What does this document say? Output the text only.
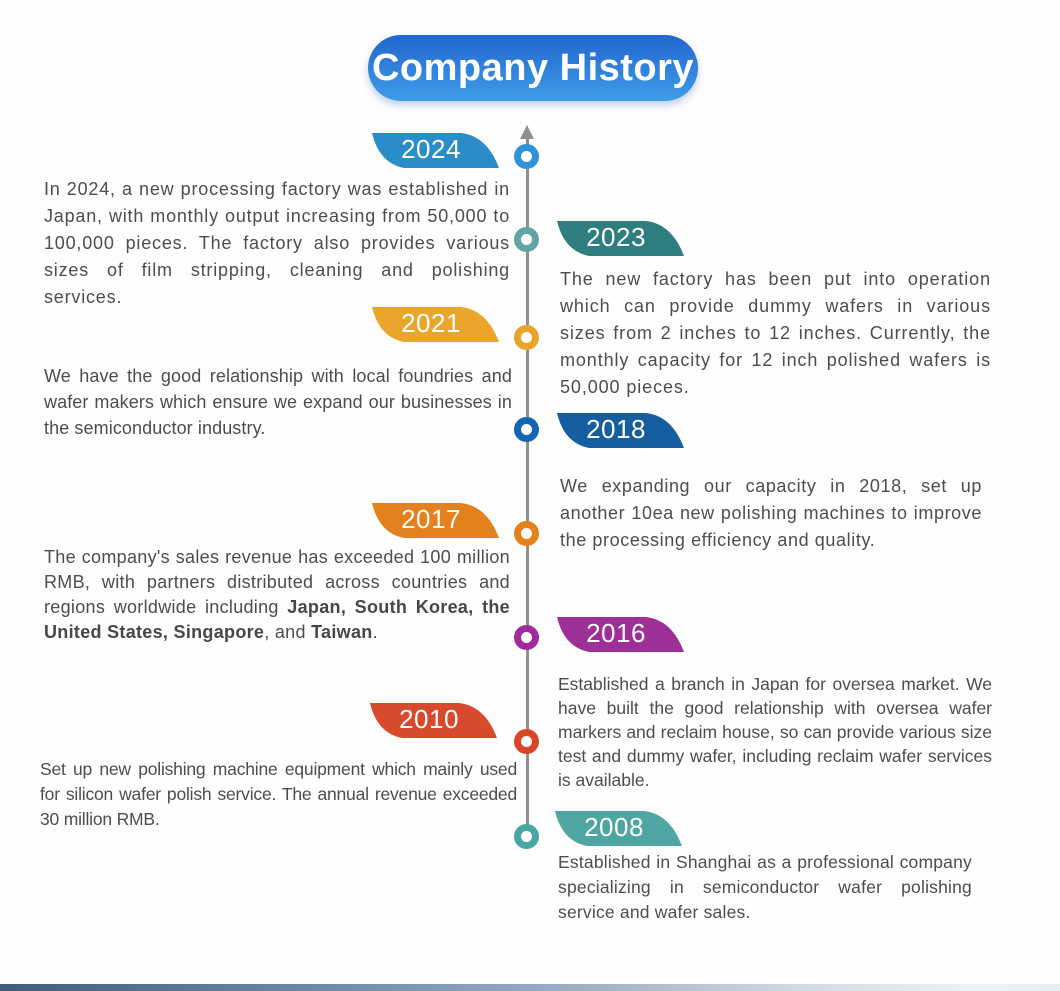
Company History
2024

In 2024, a new processing factory was established in Japan, with monthly output increasing from 50,000 to 100,000 pieces. The factory also provides various sizes of film stripping, cleaning and polishing services.

2023

The new factory has been put into operation which can provide dummy wafers in various sizes from 2 inches to 12 inches. Currently, the monthly capacity for 12 inch polished wafers is 50,000 pieces.

2021

We have the good relationship with local foundries and wafer makers which ensure we expand our businesses in the semiconductor industry.	2018

We expanding our capacity in 2018, set up another 10ea new polishing machines to improve the processing efficiency and quality.

2017

The company's sales revenue has exceeded 100 million RMB, with partners distributed across countries and regions worldwide including Japan, South Korea, the United States, Singapore, and Taiwan.	2016

Established a branch in Japan for oversea market. We have built the good relationship with oversea wafer markers and reclaim house, so can provide various size test and dummy wafer, including reclaim wafer services is available.

2010

Set up new polishing machine equipment which mainly used for silicon wafer polish service. The annual revenue exceeded 30 million RMB.	2008

Established in Shanghai as a professional company specializing in semiconductor wafer polishing service and wafer sales.
